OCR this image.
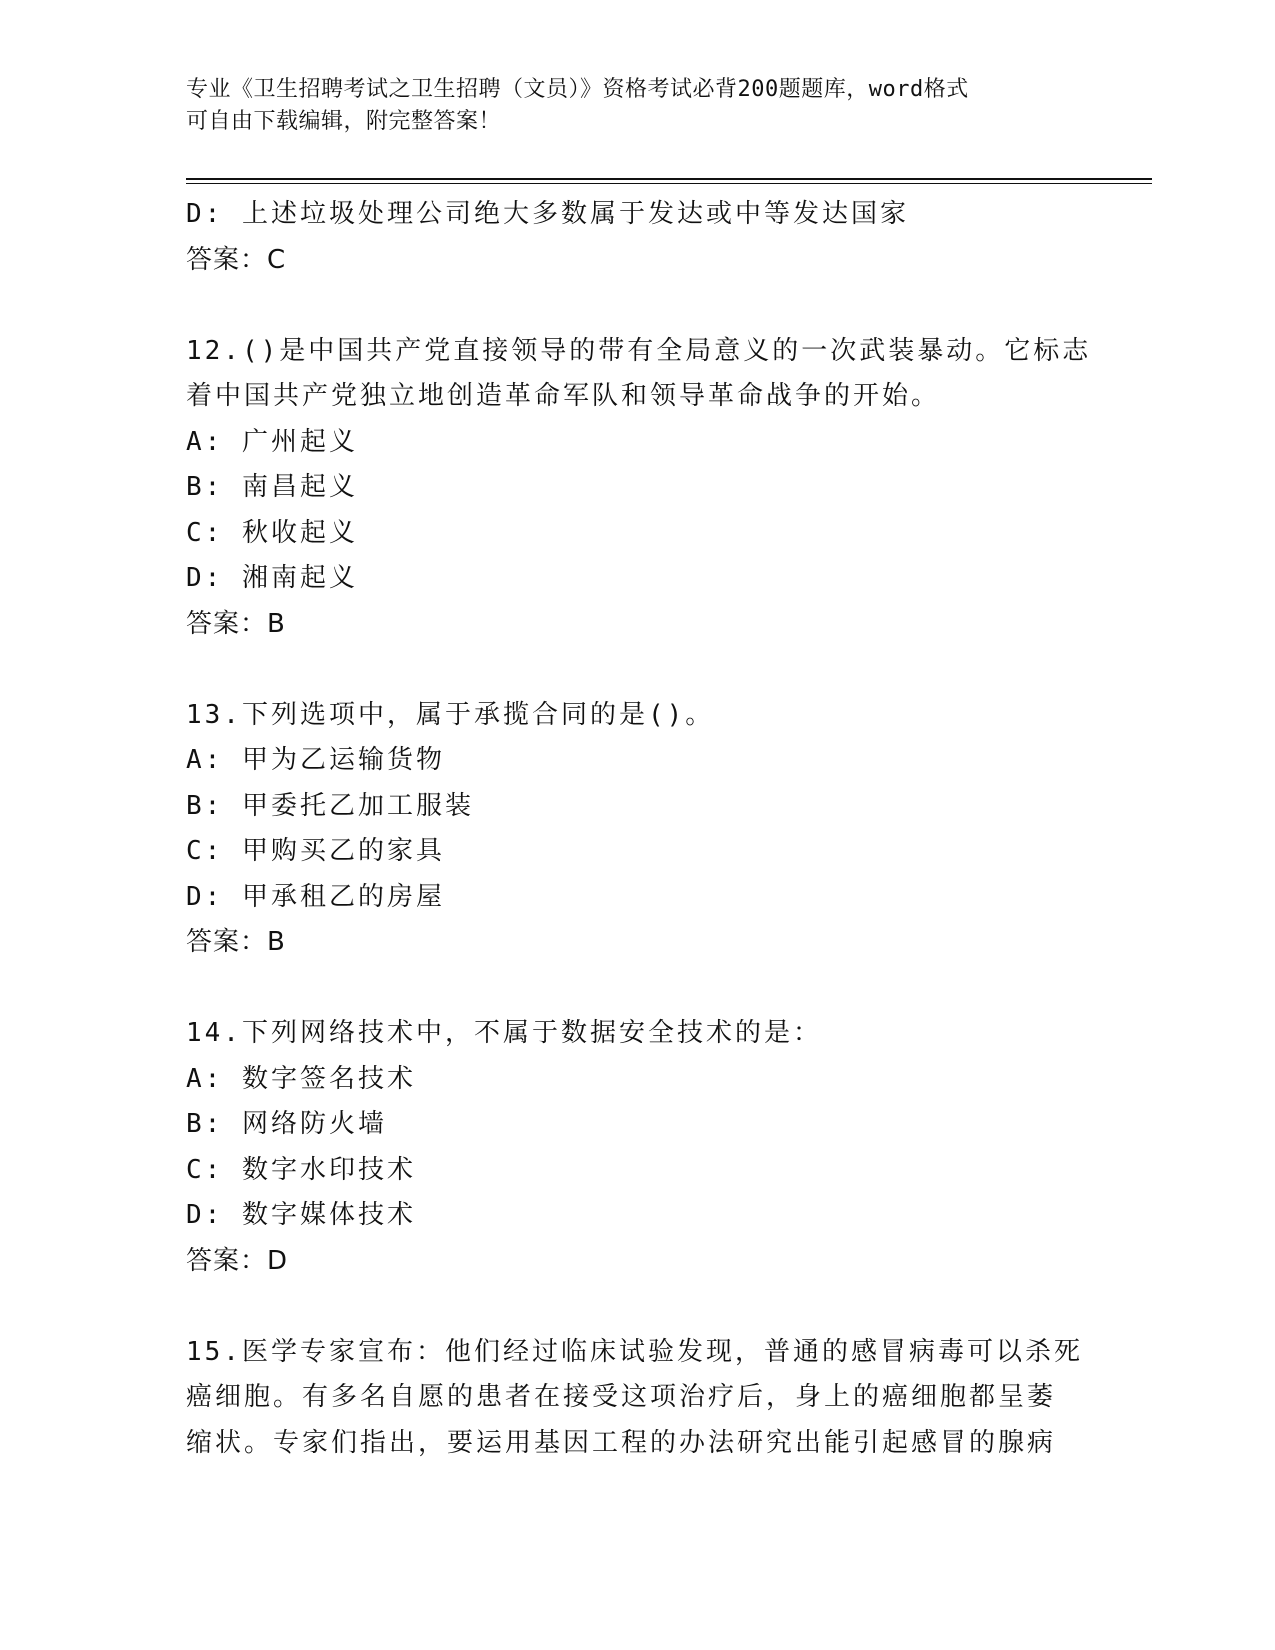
专业《卫生招聘考试之卫生招聘（文员）》资格考试必背200题题库，word格式
可自由下载编辑，附完整答案！
D: 上述垃圾处理公司绝大多数属于发达或中等发达国家
答案：C
12.()是中国共产党直接领导的带有全局意义的一次武装暴动。它标志
着中国共产党独立地创造革命军队和领导革命战争的开始。
A: 广州起义
B: 南昌起义
C: 秋收起义
D: 湘南起义
答案：B
13.下列选项中，属于承揽合同的是()。
A: 甲为乙运输货物
B: 甲委托乙加工服装
C: 甲购买乙的家具
D: 甲承租乙的房屋
答案：B
14.下列网络技术中，不属于数据安全技术的是：
A: 数字签名技术
B: 网络防火墙
C: 数字水印技术
D: 数字媒体技术
答案：D
15.医学专家宣布：他们经过临床试验发现，普通的感冒病毒可以杀死
癌细胞。有多名自愿的患者在接受这项治疗后，身上的癌细胞都呈萎
缩状。专家们指出，要运用基因工程的办法研究出能引起感冒的腺病
